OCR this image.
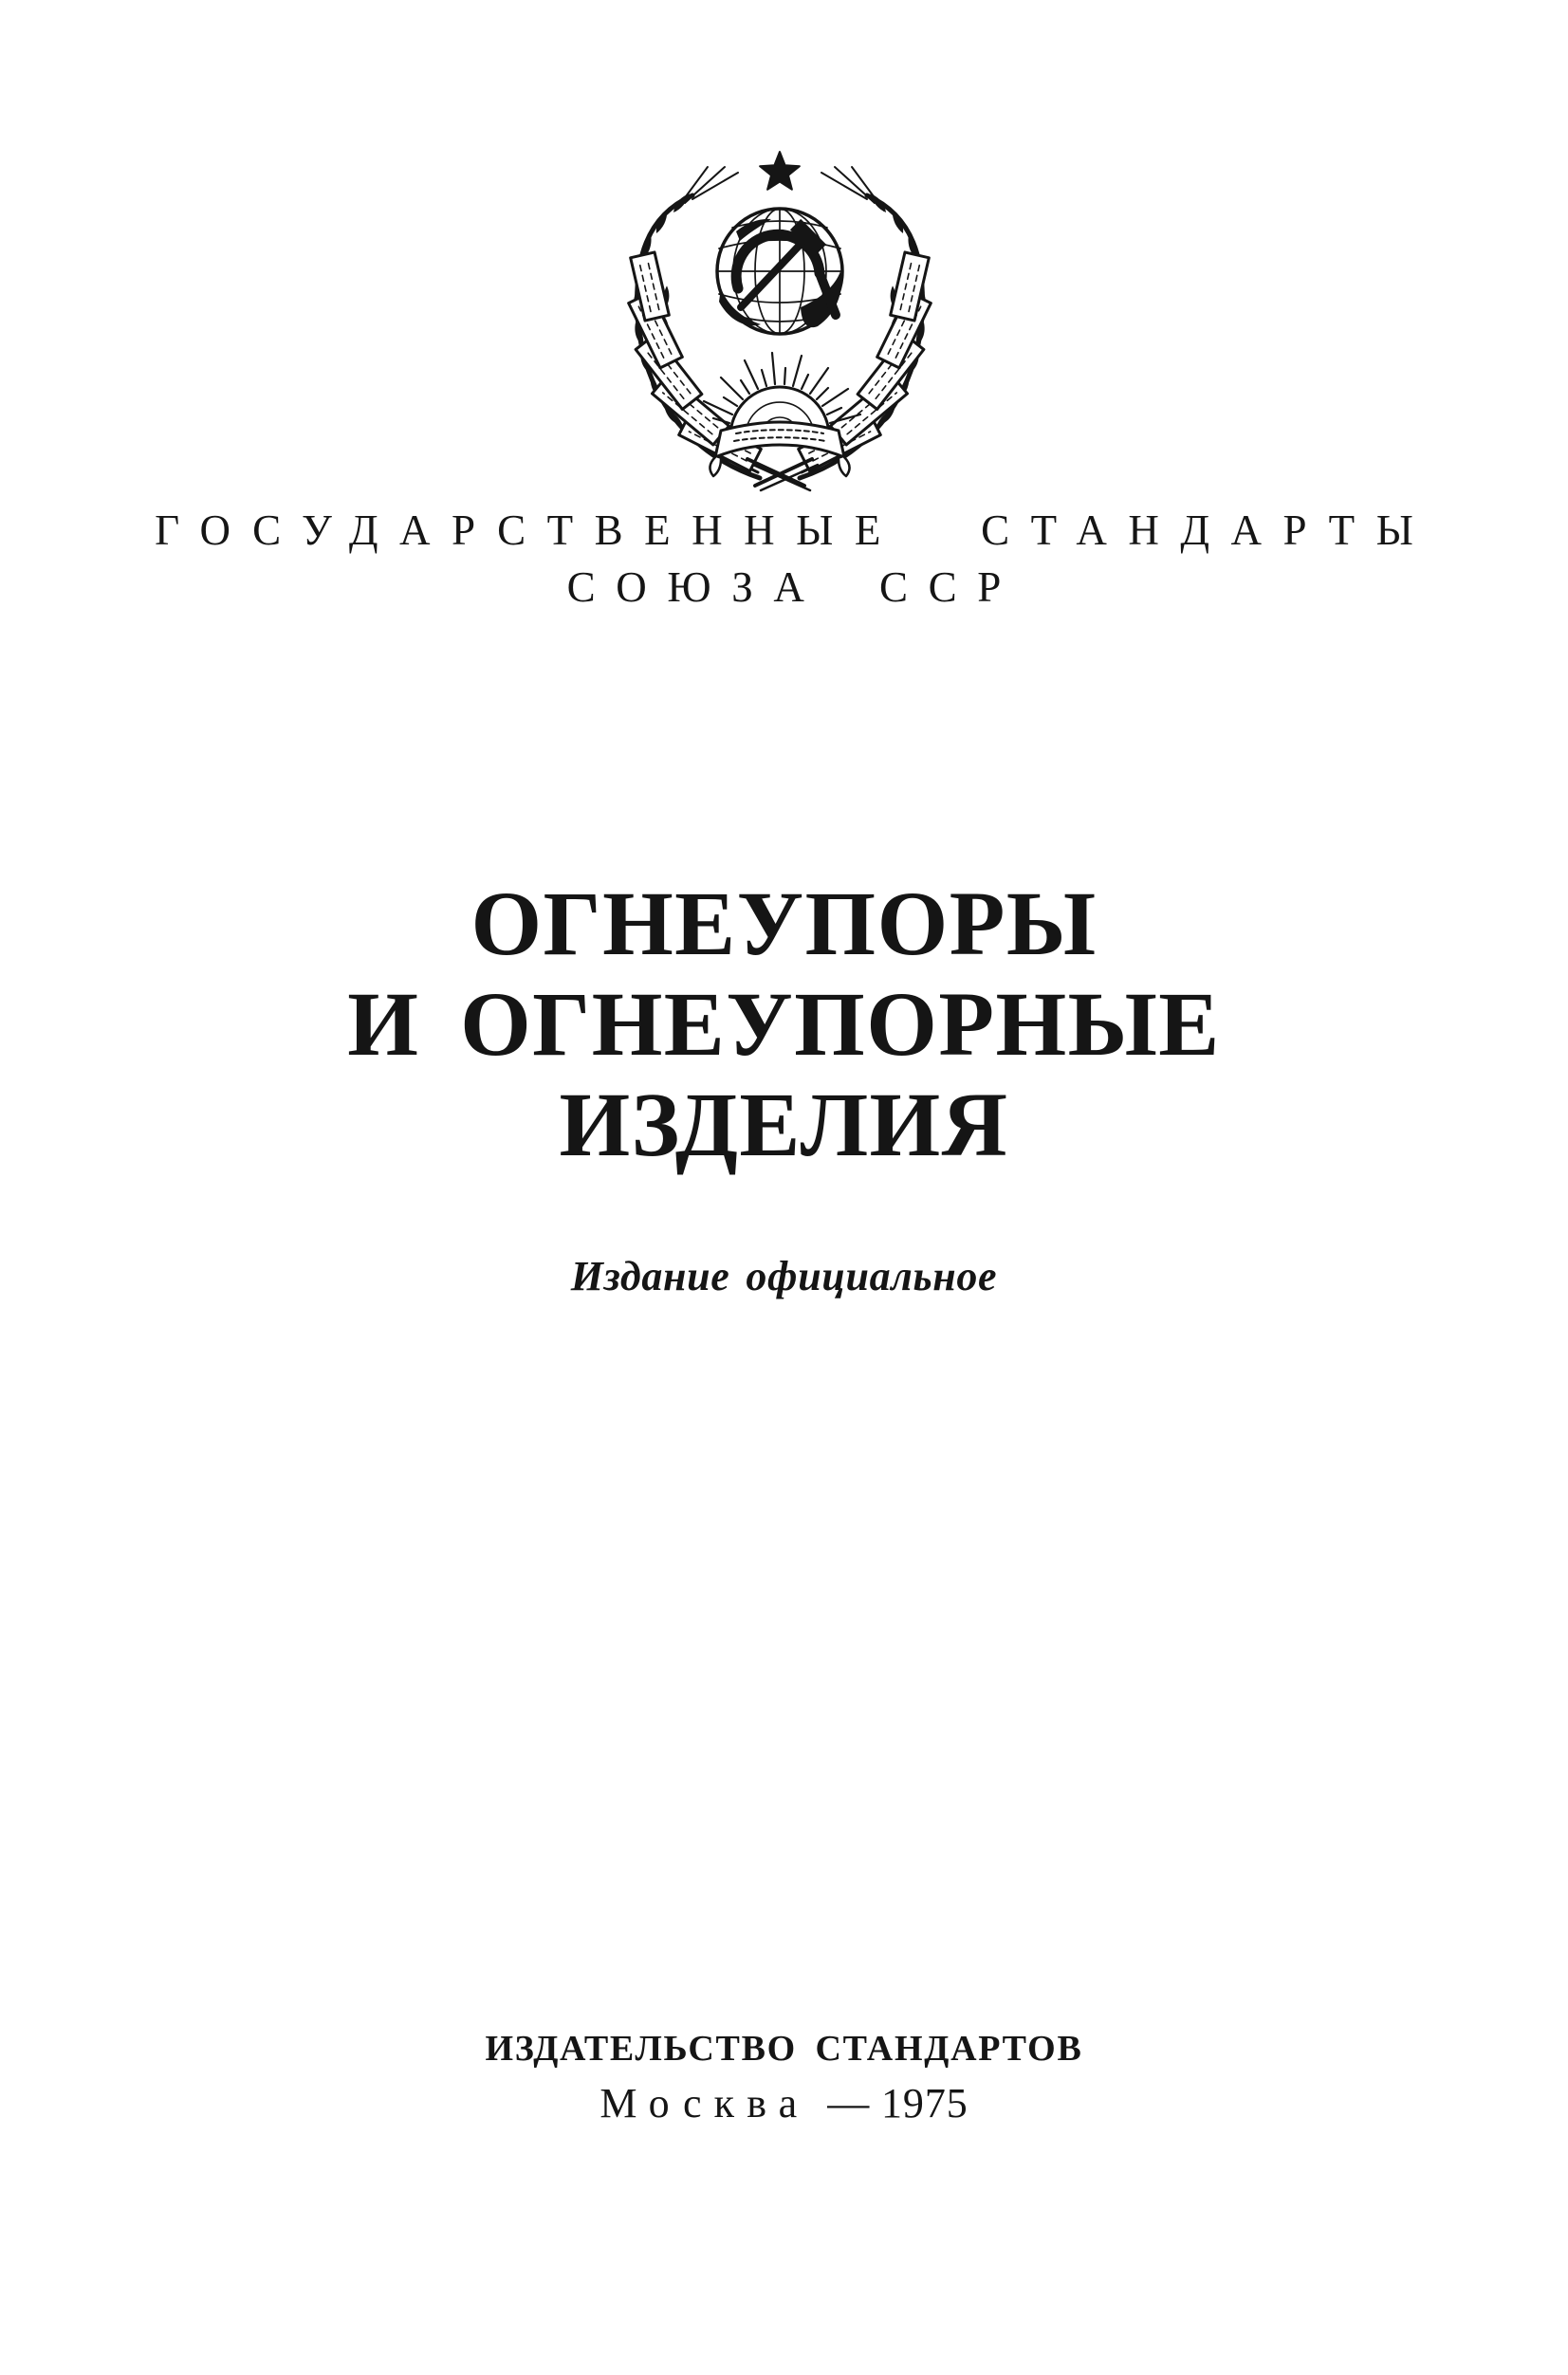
ГОСУДАРСТВЕННЫЕ СТАНДАРТЫ
СОЮЗА ССР
ОГНЕУПОРЫ
И ОГНЕУПОРНЫЕ
ИЗДЕЛИЯ
Издание официальное
ИЗДАТЕЛЬСТВО СТАНДАРТОВ
Москва — 1975
